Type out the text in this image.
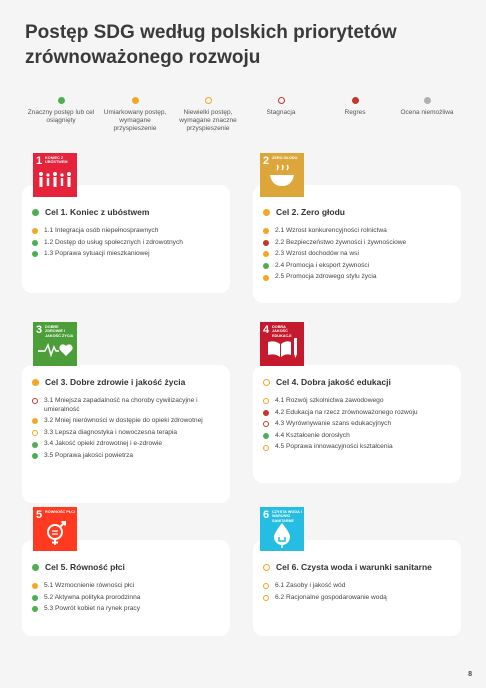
Postęp SDG według polskich priorytetów zrównoważonego rozwoju
Znaczny postęp lub cel osiągnięty
Umiarkowany postęp, wymagane przyspieszenie
Niewielki postęp, wymagane znaczne przyspieszenie
Stagnacja	Regres	Ocena niemożliwa
Cel 1. Koniec z ubóstwem
1.1 Integracja osób niepełnosprawnych
1.2 Dostęp do usług społecznych i zdrowotnych
1.3 Poprawa sytuacji mieszkaniowej
1 KONIEC Z UBÓSTWEM
Cel 2. Zero głodu
2.1 Wzrost konkurencyjności rolnictwa
2.2 Bezpieczeństwo żywności i żywnościowe
2.3 Wzrost dochodów na wsi
2.4 Promocja i eksport żywności
2.5 Promocja zdrowego stylu życia
2 ZERO GŁODU
Cel 3. Dobre zdrowie i jakość życia
3.1 Mniejsza zapadalność na choroby cywilizacyjne i umieralność
3.2 Mniej nierówności w dostępie do opieki zdrowotnej
3.3 Lepsza diagnostyka i nowoczesna terapia
3.4 Jakość opieki zdrowotnej i e-zdrowie
3.5 Poprawa jakości powietrza
3 DOBRE ZDROWIE I JAKOŚĆ ŻYCIA
Cel 4. Dobra jakość edukacji
4.1 Rozwój szkolnictwa zawodowego
4.2 Edukacja na rzecz zrównoważonego rozwoju
4.3 Wyrównywanie szans edukacyjnych
4.4 Kształcenie dorosłych
4.5 Poprawa innowacyjności kształcenia
4 DOBRA JAKOŚĆ EDUKACJI
Cel 5. Równość płci
5.1 Wzmocnienie równości płci
5.2 Aktywna polityka prorodzinna
5.3 Powrót kobiet na rynek pracy
5 RÓWNOŚĆ PŁCI
Cel 6. Czysta woda i warunki sanitarne
6.1 Zasoby i jakość wód
6.2 Racjonalne gospodarowanie wodą
6 CZYSTA WODA I WARUNKI SANITARNE
8
